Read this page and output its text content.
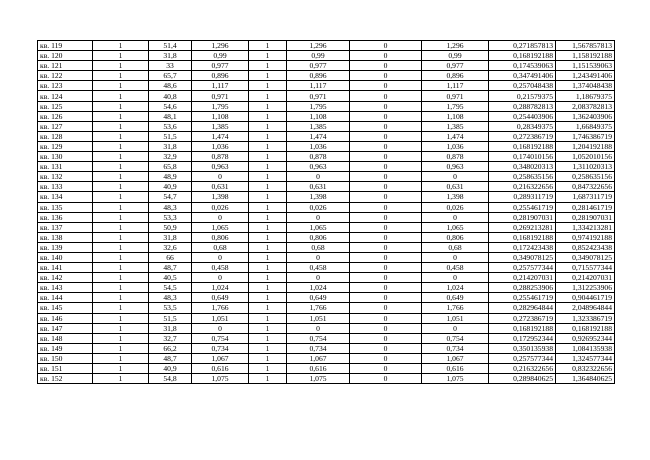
кв. 119	1	51,4	1,296	1	1,296	0	1,296	0,271857813	1,567857813
кв. 120	1	31,8	0,99	1	0,99	0	0,99	0,168192188	1,158192188
кв. 121	1	33	0,977	1	0,977	0	0,977	0,174539063	1,151539063
кв. 122	1	65,7	0,896	1	0,896	0	0,896	0,347491406	1,243491406
кв. 123	1	48,6	1,117	1	1,117	0	1,117	0,257048438	1,374048438
кв. 124	1	40,8	0,971	1	0,971	0	0,971	0,21579375	1,18679375
кв. 125	1	54,6	1,795	1	1,795	0	1,795	0,288782813	2,083782813
кв. 126	1	48,1	1,108	1	1,108	0	1,108	0,254403906	1,362403906
кв. 127	1	53,6	1,385	1	1,385	0	1,385	0,28349375	1,66849375
кв. 128	1	51,5	1,474	1	1,474	0	1,474	0,272386719	1,746386719
кв. 129	1	31,8	1,036	1	1,036	0	1,036	0,168192188	1,204192188
кв. 130	1	32,9	0,878	1	0,878	0	0,878	0,174010156	1,052010156
кв. 131	1	65,8	0,963	1	0,963	0	0,963	0,348020313	1,311020313
кв. 132	1	48,9	0	1	0	0	0	0,258635156	0,258635156
кв. 133	1	40,9	0,631	1	0,631	0	0,631	0,216322656	0,847322656
кв. 134	1	54,7	1,398	1	1,398	0	1,398	0,289311719	1,687311719
кв. 135	1	48,3	0,026	1	0,026	0	0,026	0,255461719	0,281461719
кв. 136	1	53,3	0	1	0	0	0	0,281907031	0,281907031
кв. 137	1	50,9	1,065	1	1,065	0	1,065	0,269213281	1,334213281
кв. 138	1	31,8	0,806	1	0,806	0	0,806	0,168192188	0,974192188
кв. 139	1	32,6	0,68	1	0,68	0	0,68	0,172423438	0,852423438
кв. 140	1	66	0	1	0	0	0	0,349078125	0,349078125
кв. 141	1	48,7	0,458	1	0,458	0	0,458	0,257577344	0,715577344
кв. 142	1	40,5	0	1	0	0	0	0,214207031	0,214207031
кв. 143	1	54,5	1,024	1	1,024	0	1,024	0,288253906	1,312253906
кв. 144	1	48,3	0,649	1	0,649	0	0,649	0,255461719	0,904461719
кв. 145	1	53,5	1,766	1	1,766	0	1,766	0,282964844	2,048964844
кв. 146	1	51,5	1,051	1	1,051	0	1,051	0,272386719	1,323386719
кв. 147	1	31,8	0	1	0	0	0	0,168192188	0,168192188
кв. 148	1	32,7	0,754	1	0,754	0	0,754	0,172952344	0,926952344
кв. 149	1	66,2	0,734	1	0,734	0	0,734	0,350135938	1,084135938
кв. 150	1	48,7	1,067	1	1,067	0	1,067	0,257577344	1,324577344
кв. 151	1	40,9	0,616	1	0,616	0	0,616	0,216322656	0,832322656
кв. 152	1	54,8	1,075	1	1,075	0	1,075	0,289840625	1,364840625
